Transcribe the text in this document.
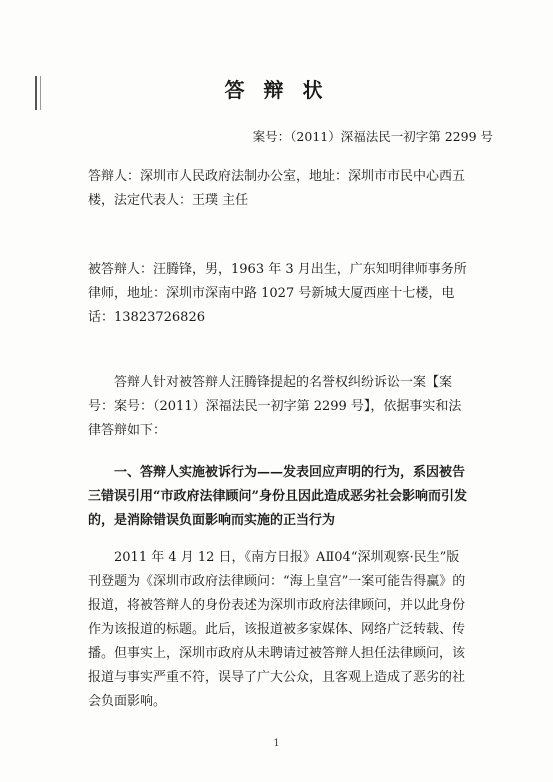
答 辩 状
案号：（2011）深福法民一初字第 2299 号

答辩人：深圳市人民政府法制办公室，地址：深圳市市民中心西五楼，法定代表人：王璞 主任

被答辩人：汪腾锋，男，1963 年 3 月出生，广东知明律师事务所律师，地址：深圳市深南中路 1027 号新城大厦西座十七楼，电话：13823726826

答辩人针对被答辩人汪腾锋提起的名誉权纠纷诉讼一案【案号：案号：（2011）深福法民一初字第 2299 号】，依据事实和法律答辩如下：

一、答辩人实施被诉行为——发表回应声明的行为，系因被告三错误引用“市政府法律顾问”身份且因此造成恶劣社会影响而引发的，是消除错误负面影响而实施的正当行为

2011 年 4 月 12 日，《南方日报》AⅡ04“深圳观察·民生”版刊登题为《深圳市政府法律顾问：“海上皇宫”一案可能告得赢》的报道，将被答辩人的身份表述为深圳市政府法律顾问，并以此身份作为该报道的标题。此后，该报道被多家媒体、网络广泛转载、传播。但事实上，深圳市政府从未聘请过被答辩人担任法律顾问，该报道与事实严重不符，误导了广大公众，且客观上造成了恶劣的社会负面影响。

1
